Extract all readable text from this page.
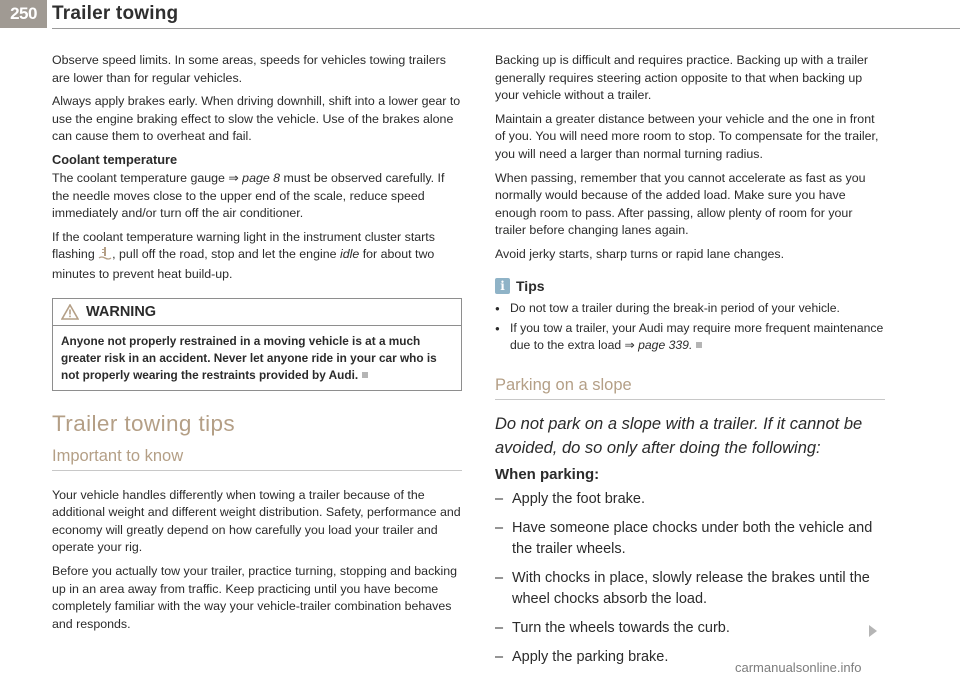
250 Trailer towing

Observe speed limits. In some areas, speeds for vehicles towing trailers are lower than for regular vehicles.

Always apply brakes early. When driving downhill, shift into a lower gear to use the engine braking effect to slow the vehicle. Use of the brakes alone can cause them to overheat and fail.

Coolant temperature

The coolant temperature gauge ⇒ page 8 must be observed carefully. If the needle moves close to the upper end of the scale, reduce speed immediately and/or turn off the air conditioner.

If the coolant temperature warning light in the instrument cluster starts flashing , pull off the road, stop and let the engine idle for about two minutes to prevent heat build-up.

WARNING
Anyone not properly restrained in a moving vehicle is at a much greater risk in an accident. Never let anyone ride in your car who is not properly wearing the restraints provided by Audi.
Trailer towing tips
Important to know

Your vehicle handles differently when towing a trailer because of the additional weight and different weight distribution. Safety, performance and economy will greatly depend on how carefully you load your trailer and operate your rig.

Before you actually tow your trailer, practice turning, stopping and backing up in an area away from traffic. Keep practicing until you have become completely familiar with the way your vehicle-trailer combination behaves and responds.

Backing up is difficult and requires practice. Backing up with a trailer generally requires steering action opposite to that when backing up your vehicle without a trailer.

Maintain a greater distance between your vehicle and the one in front of you. You will need more room to stop. To compensate for the trailer, you will need a larger than normal turning radius.

When passing, remember that you cannot accelerate as fast as you normally would because of the added load. Make sure you have enough room to pass. After passing, allow plenty of room for your trailer before changing lanes again.

Avoid jerky starts, sharp turns or rapid lane changes.

i Tips
● Do not tow a trailer during the break-in period of your vehicle.
● If you tow a trailer, your Audi may require more frequent maintenance due to the extra load ⇒ page 339.
Parking on a slope
Do not park on a slope with a trailer. If it cannot be avoided, do so only after doing the following:
When parking:
– Apply the foot brake.
– Have someone place chocks under both the vehicle and the trailer wheels.
– With chocks in place, slowly release the brakes until the wheel chocks absorb the load.
– Turn the wheels towards the curb.
– Apply the parking brake.
carmanualsonline.info
